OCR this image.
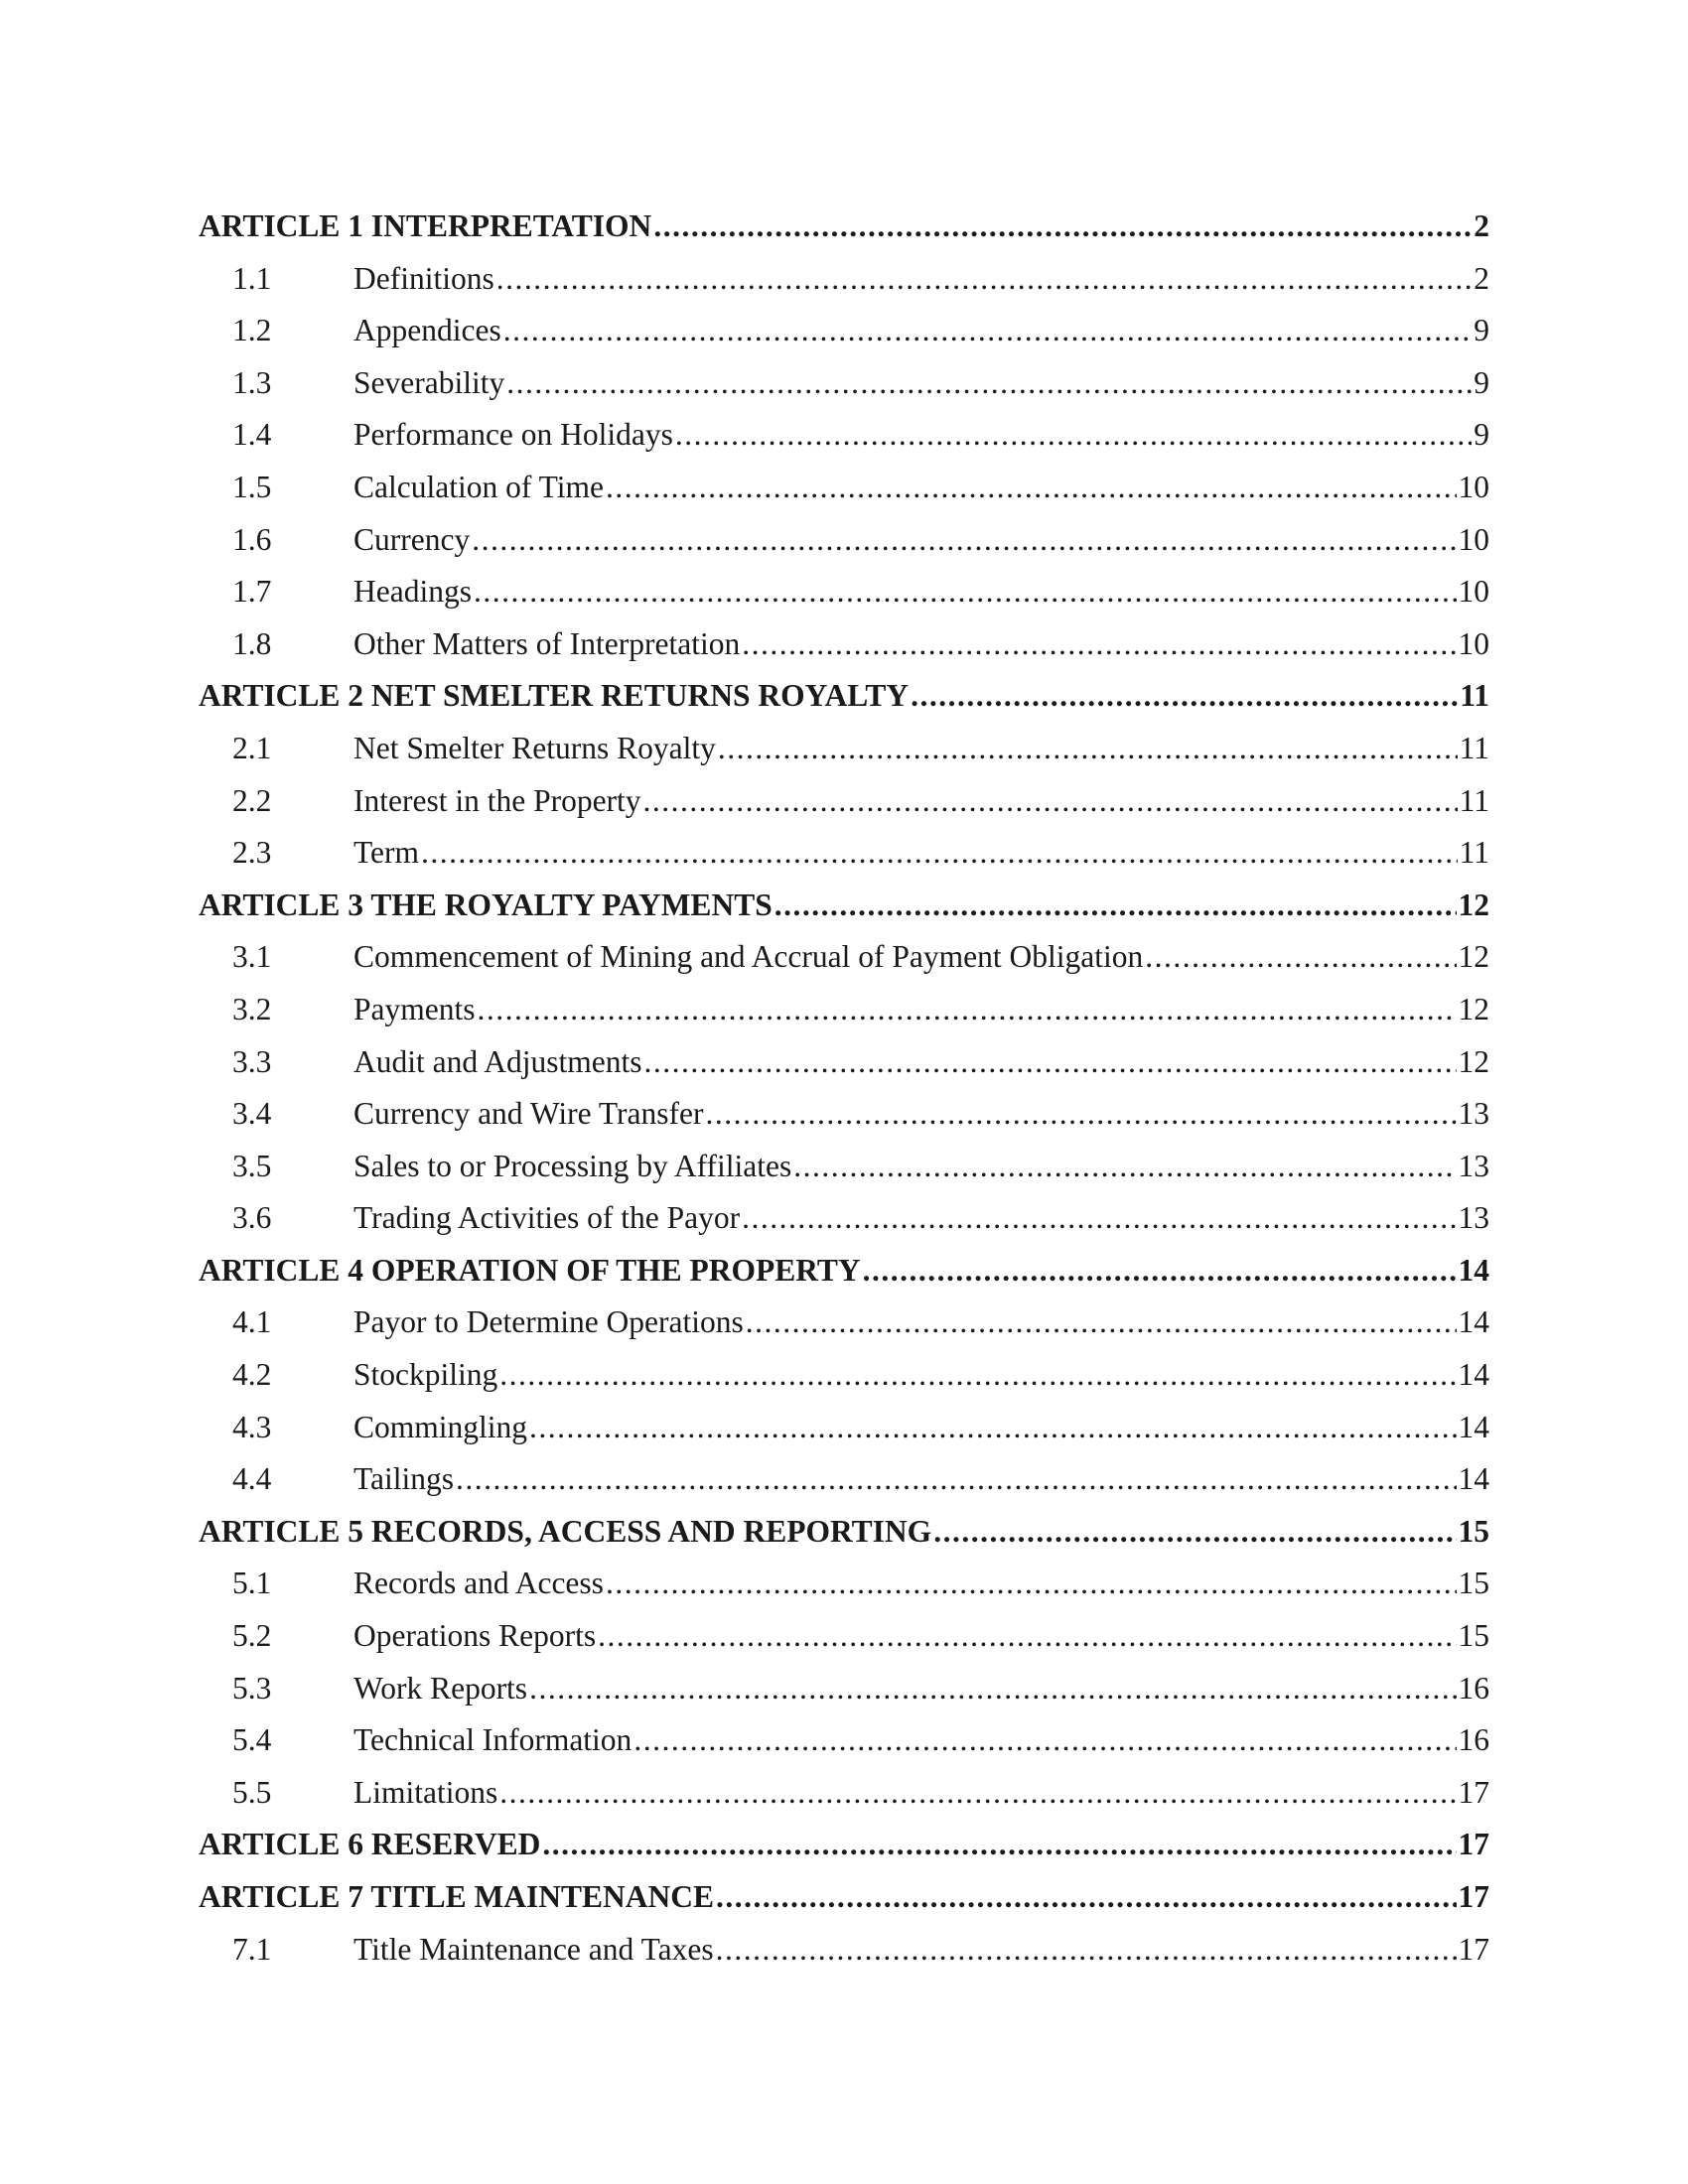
ARTICLE 1 INTERPRETATION .....	2
1.1	Definitions .....	2
1.2	Appendices .....	9
1.3	Severability .....	9
1.4	Performance on Holidays .....	9
1.5	Calculation of Time .....	10
1.6	Currency .....	10
1.7	Headings .....	10
1.8	Other Matters of Interpretation .....	10
ARTICLE 2 NET SMELTER RETURNS ROYALTY .....	11
2.1	Net Smelter Returns Royalty .....	11
2.2	Interest in the Property .....	11
2.3	Term .....	11
ARTICLE 3 THE ROYALTY PAYMENTS .....	12
3.1	Commencement of Mining and Accrual of Payment Obligation .....	12
3.2	Payments .....	12
3.3	Audit and Adjustments .....	12
3.4	Currency and Wire Transfer .....	13
3.5	Sales to or Processing by Affiliates .....	13
3.6	Trading Activities of the Payor .....	13
ARTICLE 4 OPERATION OF THE PROPERTY .....	14
4.1	Payor to Determine Operations .....	14
4.2	Stockpiling .....	14
4.3	Commingling .....	14
4.4	Tailings .....	14
ARTICLE 5 RECORDS, ACCESS AND REPORTING .....	15
5.1	Records and Access .....	15
5.2	Operations Reports .....	15
5.3	Work Reports .....	16
5.4	Technical Information .....	16
5.5	Limitations .....	17
ARTICLE 6 RESERVED .....	17
ARTICLE 7 TITLE MAINTENANCE .....	17
7.1	Title Maintenance and Taxes .....	17
